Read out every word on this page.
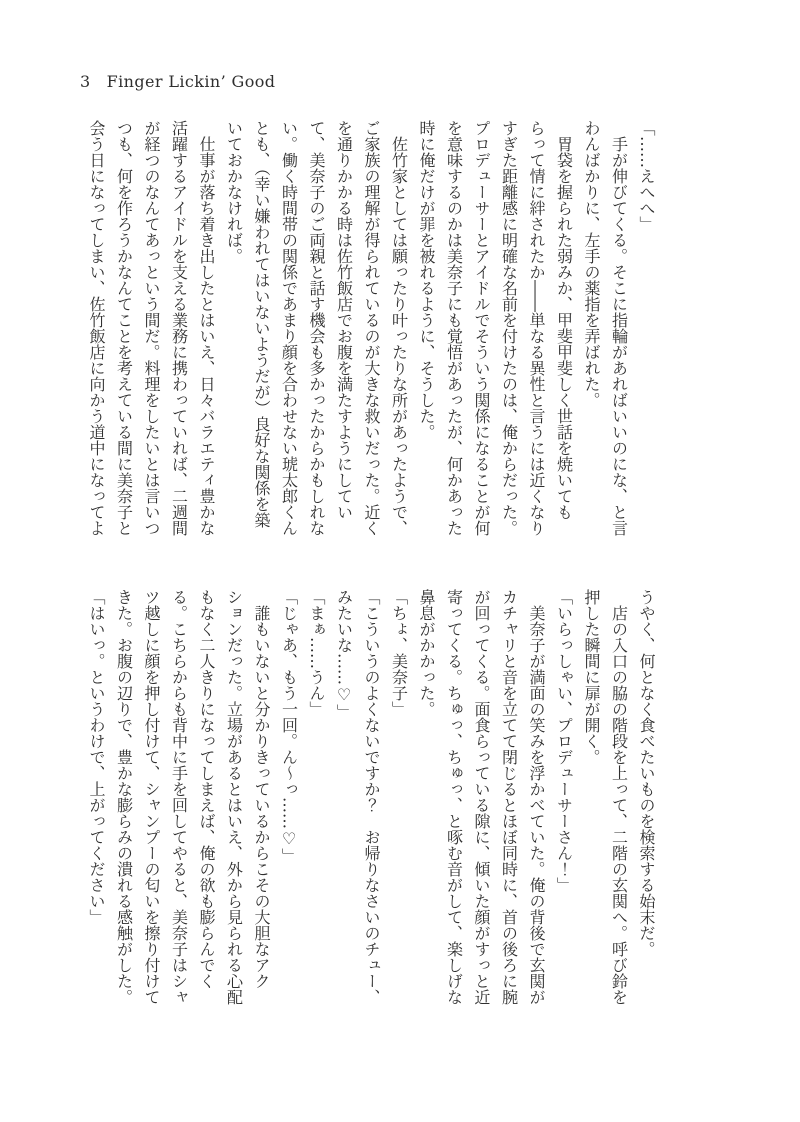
3 Finger Lickin’ Good

「……えへへ」

　手が伸びてくる。そこに指輪があればいいのにな、と言わんばかりに、左手の薬指を弄ばれた。

　胃袋を握られた弱みか、甲斐甲斐しく世話を焼いてもらって情に絆されたか――単なる異性と言うには近くなりすぎた距離感に明確な名前を付けたのは、俺からだった。プロデューサーとアイドルでそういう関係になることが何を意味するのかは美奈子にも覚悟があったが、何かあった時に俺だけが罪を被れるように、そうした。

　佐竹家としては願ったり叶ったりな所があったようで、ご家族の理解が得られているのが大きな救いだった。近くを通りかかる時は佐竹飯店でお腹を満たすようにしていて、美奈子のご両親と話す機会も多かったからかもしれない。働く時間帯の関係であまり顔を合わせない琥太郎くんとも、（幸い嫌われてはいないようだが）良好な関係を築いておかなければ。

　仕事が落ち着き出したとはいえ、日々バラエティ豊かな活躍するアイドルを支える業務に携わっていれば、二週間が経つのなんてあっという間だ。料理をしたいとは言いつつも、何を作ろうかなんてことを考えている間に美奈子と会う日になってしまい、佐竹飯店に向かう道中になってよ

うやく、何となく食べたいものを検索する始末だ。

　店の入口の脇の階段を上って、二階の玄関へ。呼び鈴を押した瞬間に扉が開く。

「いらっしゃい、プロデューサーさん！」

　美奈子が満面の笑みを浮かべていた。俺の背後で玄関がカチャリと音を立てて閉じるとほぼ同時に、首の後ろに腕が回ってくる。面食らっている隙に、傾いた顔がすっと近寄ってくる。ちゅっ、ちゅっ、と啄む音がして、楽しげな鼻息がかかった。

「ちょ、美奈子」

「こういうのよくないですか？　お帰りなさいのチュー、みたいな……♡」

「まぁ……うん」

「じゃあ、もう一回。ん～っ……♡」

　誰もいないと分かりきっているからこその大胆なアクションだった。立場があるとはいえ、外から見られる心配もなく二人きりになってしまえば、俺の欲も膨らんでくる。こちらからも背中に手を回してやると、美奈子はシャツ越しに顔を押し付けて、シャンプーの匂いを擦り付けてきた。お腹の辺りで、豊かな膨らみの潰れる感触がした。

「はいっ。というわけで、上がってください」
